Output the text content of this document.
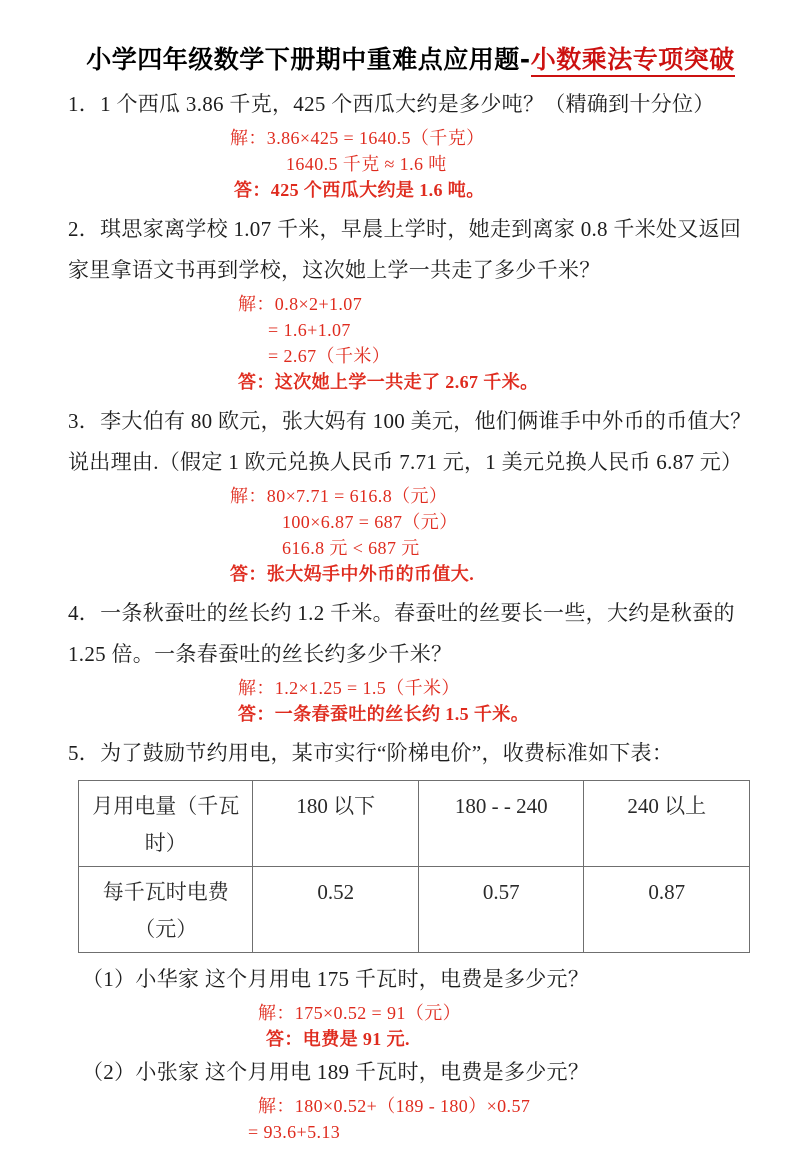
小学四年级数学下册期中重难点应用题-小数乘法专项突破

1．1 个西瓜 3.86 千克，425 个西瓜大约是多少吨？（精确到十分位）

解：3.86×425 = 1640.5（千克）

1640.5 千克 ≈ 1.6 吨

答：425 个西瓜大约是 1.6 吨。

2．琪思家离学校 1.07 千米，早晨上学时，她走到离家 0.8 千米处又返回

家里拿语文书再到学校，这次她上学一共走了多少千米？

解：0.8×2+1.07

= 1.6+1.07

= 2.67（千米）

答：这次她上学一共走了 2.67 千米。

3．李大伯有 80 欧元，张大妈有 100 美元，他们俩谁手中外币的币值大？

说出理由.（假定 1 欧元兑换人民币 7.71 元，1 美元兑换人民币 6.87 元）

解：80×7.71 = 616.8（元）

100×6.87 = 687（元）

616.8 元 < 687 元

答：张大妈手中外币的币值大.

4．一条秋蚕吐的丝长约 1.2 千米。春蚕吐的丝要长一些，大约是秋蚕的

1.25 倍。一条春蚕吐的丝长约多少千米？

解：1.2×1.25 = 1.5（千米）

答：一条春蚕吐的丝长约 1.5 千米。

5．为了鼓励节约用电，某市实行“阶梯电价”，收费标准如下表：

月用电量（千瓦时）	180 以下	180 - - 240	240 以上
每千瓦时电费（元）	0.52	0.57	0.87

（1）小华家 这个月用电 175 千瓦时，电费是多少元？

解：175×0.52 = 91（元）

答：电费是 91 元.

（2）小张家 这个月用电 189 千瓦时，电费是多少元？

解：180×0.52+（189 - 180）×0.57

= 93.6+5.13
